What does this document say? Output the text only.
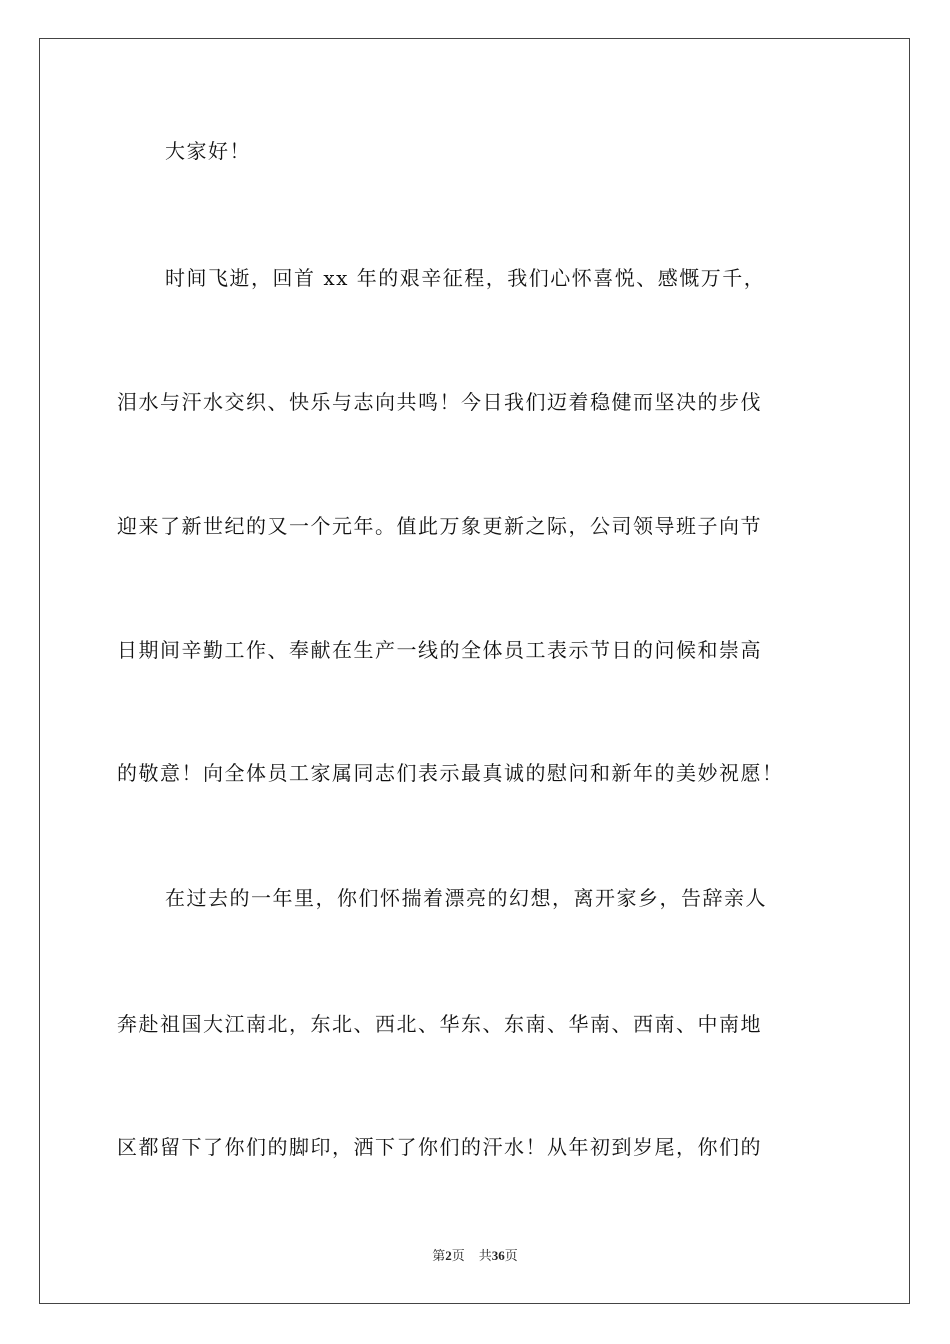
大家好！
时间飞逝，回首 xx 年的艰辛征程，我们心怀喜悦、感慨万千，
泪水与汗水交织、快乐与志向共鸣！今日我们迈着稳健而坚决的步伐
迎来了新世纪的又一个元年。值此万象更新之际，公司领导班子向节
日期间辛勤工作、奉献在生产一线的全体员工表示节日的问候和崇高
的敬意！向全体员工家属同志们表示最真诚的慰问和新年的美妙祝愿！
在过去的一年里，你们怀揣着漂亮的幻想，离开家乡，告辞亲人
奔赴祖国大江南北，东北、西北、华东、东南、华南、西南、中南地
区都留下了你们的脚印，洒下了你们的汗水！从年初到岁尾，你们的
第2页 共36页
